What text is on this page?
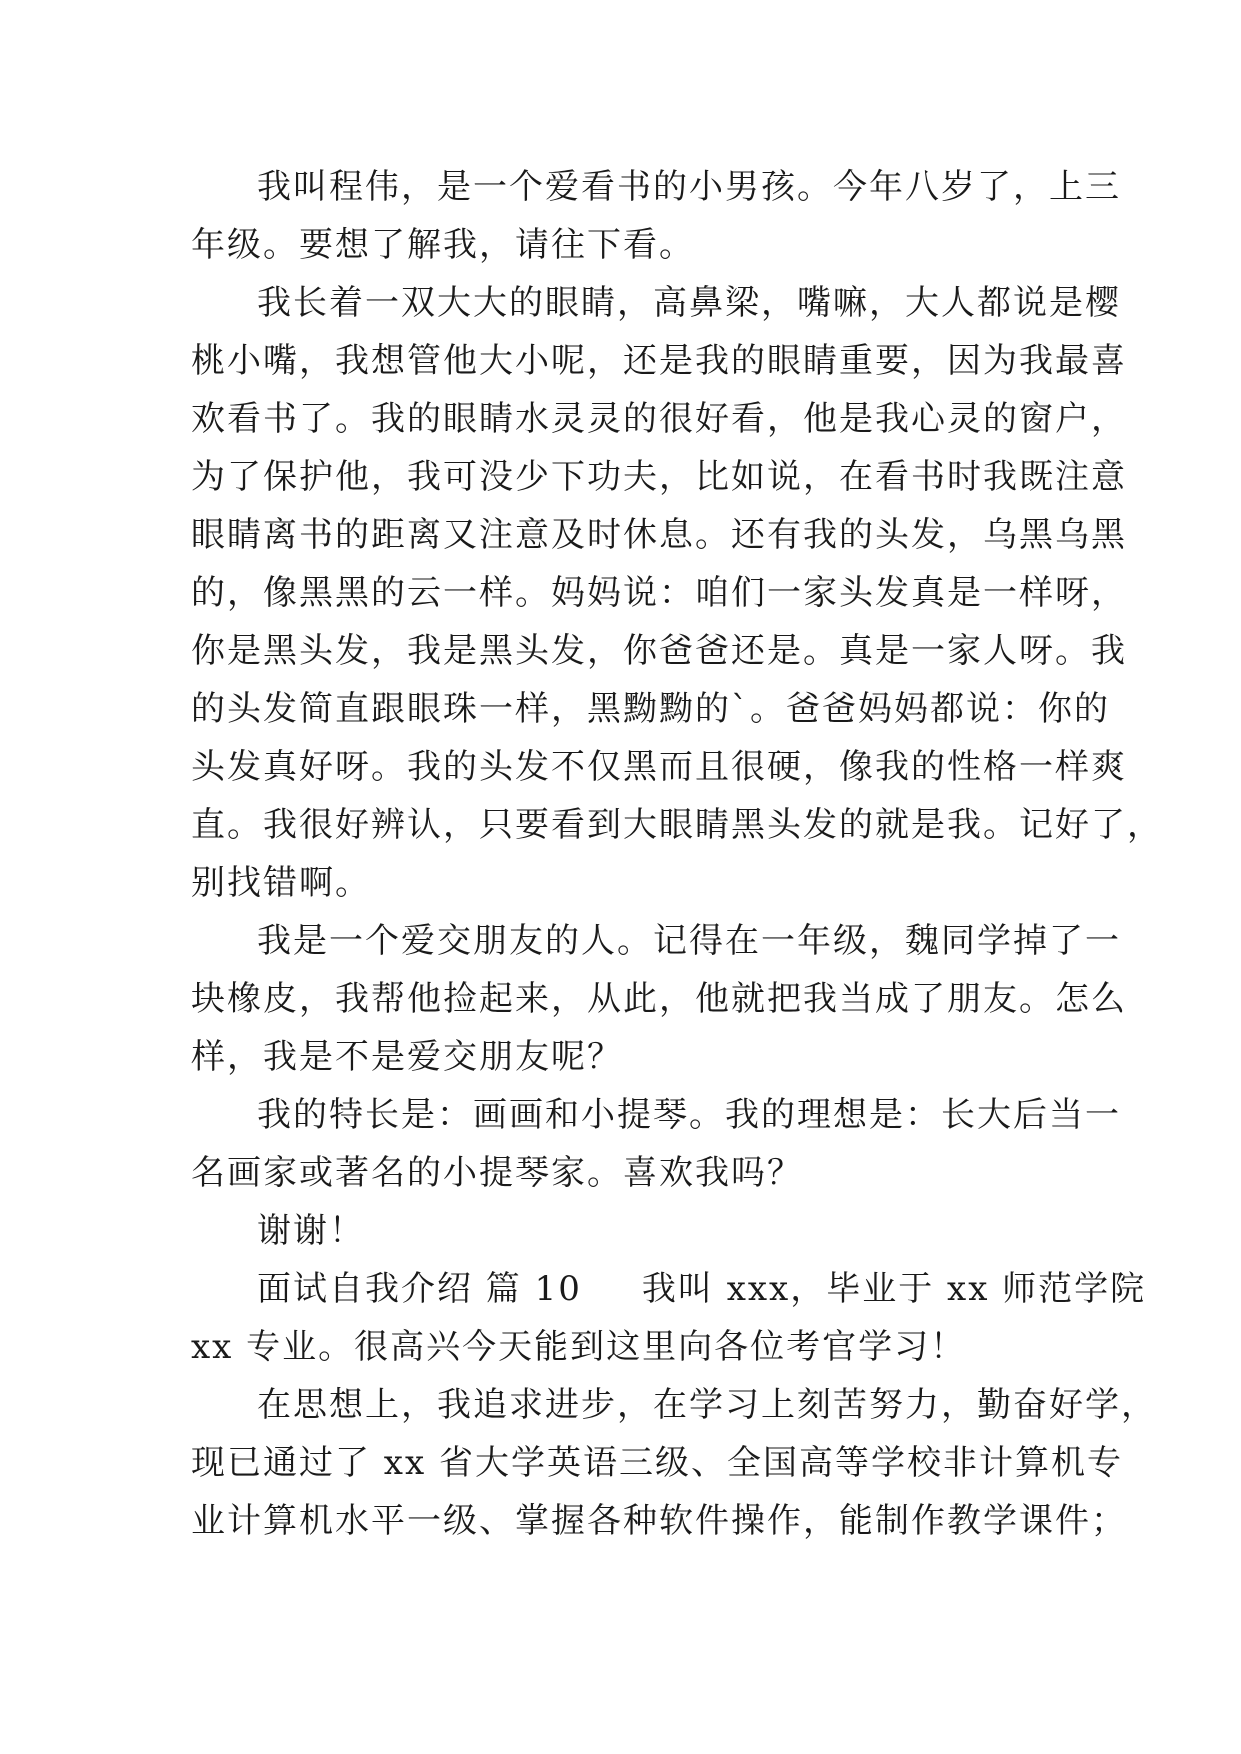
我叫程伟，是一个爱看书的小男孩。今年八岁了，上三
年级。要想了解我，请往下看。
我长着一双大大的眼睛，高鼻梁，嘴嘛，大人都说是樱
桃小嘴，我想管他大小呢，还是我的眼睛重要，因为我最喜
欢看书了。我的眼睛水灵灵的很好看，他是我心灵的窗户，
为了保护他，我可没少下功夫，比如说，在看书时我既注意
眼睛离书的距离又注意及时休息。还有我的头发，乌黑乌黑
的，像黑黑的云一样。妈妈说：咱们一家头发真是一样呀，
你是黑头发，我是黑头发，你爸爸还是。真是一家人呀。我
的头发简直跟眼珠一样，黑黝黝的`。爸爸妈妈都说：你的
头发真好呀。我的头发不仅黑而且很硬，像我的性格一样爽
直。我很好辨认，只要看到大眼睛黑头发的就是我。记好了，
别找错啊。
我是一个爱交朋友的人。记得在一年级，魏同学掉了一
块橡皮，我帮他捡起来，从此，他就把我当成了朋友。怎么
样，我是不是爱交朋友呢？
我的特长是：画画和小提琴。我的理想是：长大后当一
名画家或著名的小提琴家。喜欢我吗？
谢谢！
面试自我介绍 篇 10 我叫 xxx，毕业于 xx 师范学院
xx 专业。很高兴今天能到这里向各位考官学习！
在思想上，我追求进步，在学习上刻苦努力，勤奋好学，
现已通过了 xx 省大学英语三级、全国高等学校非计算机专
业计算机水平一级、掌握各种软件操作，能制作教学课件；
